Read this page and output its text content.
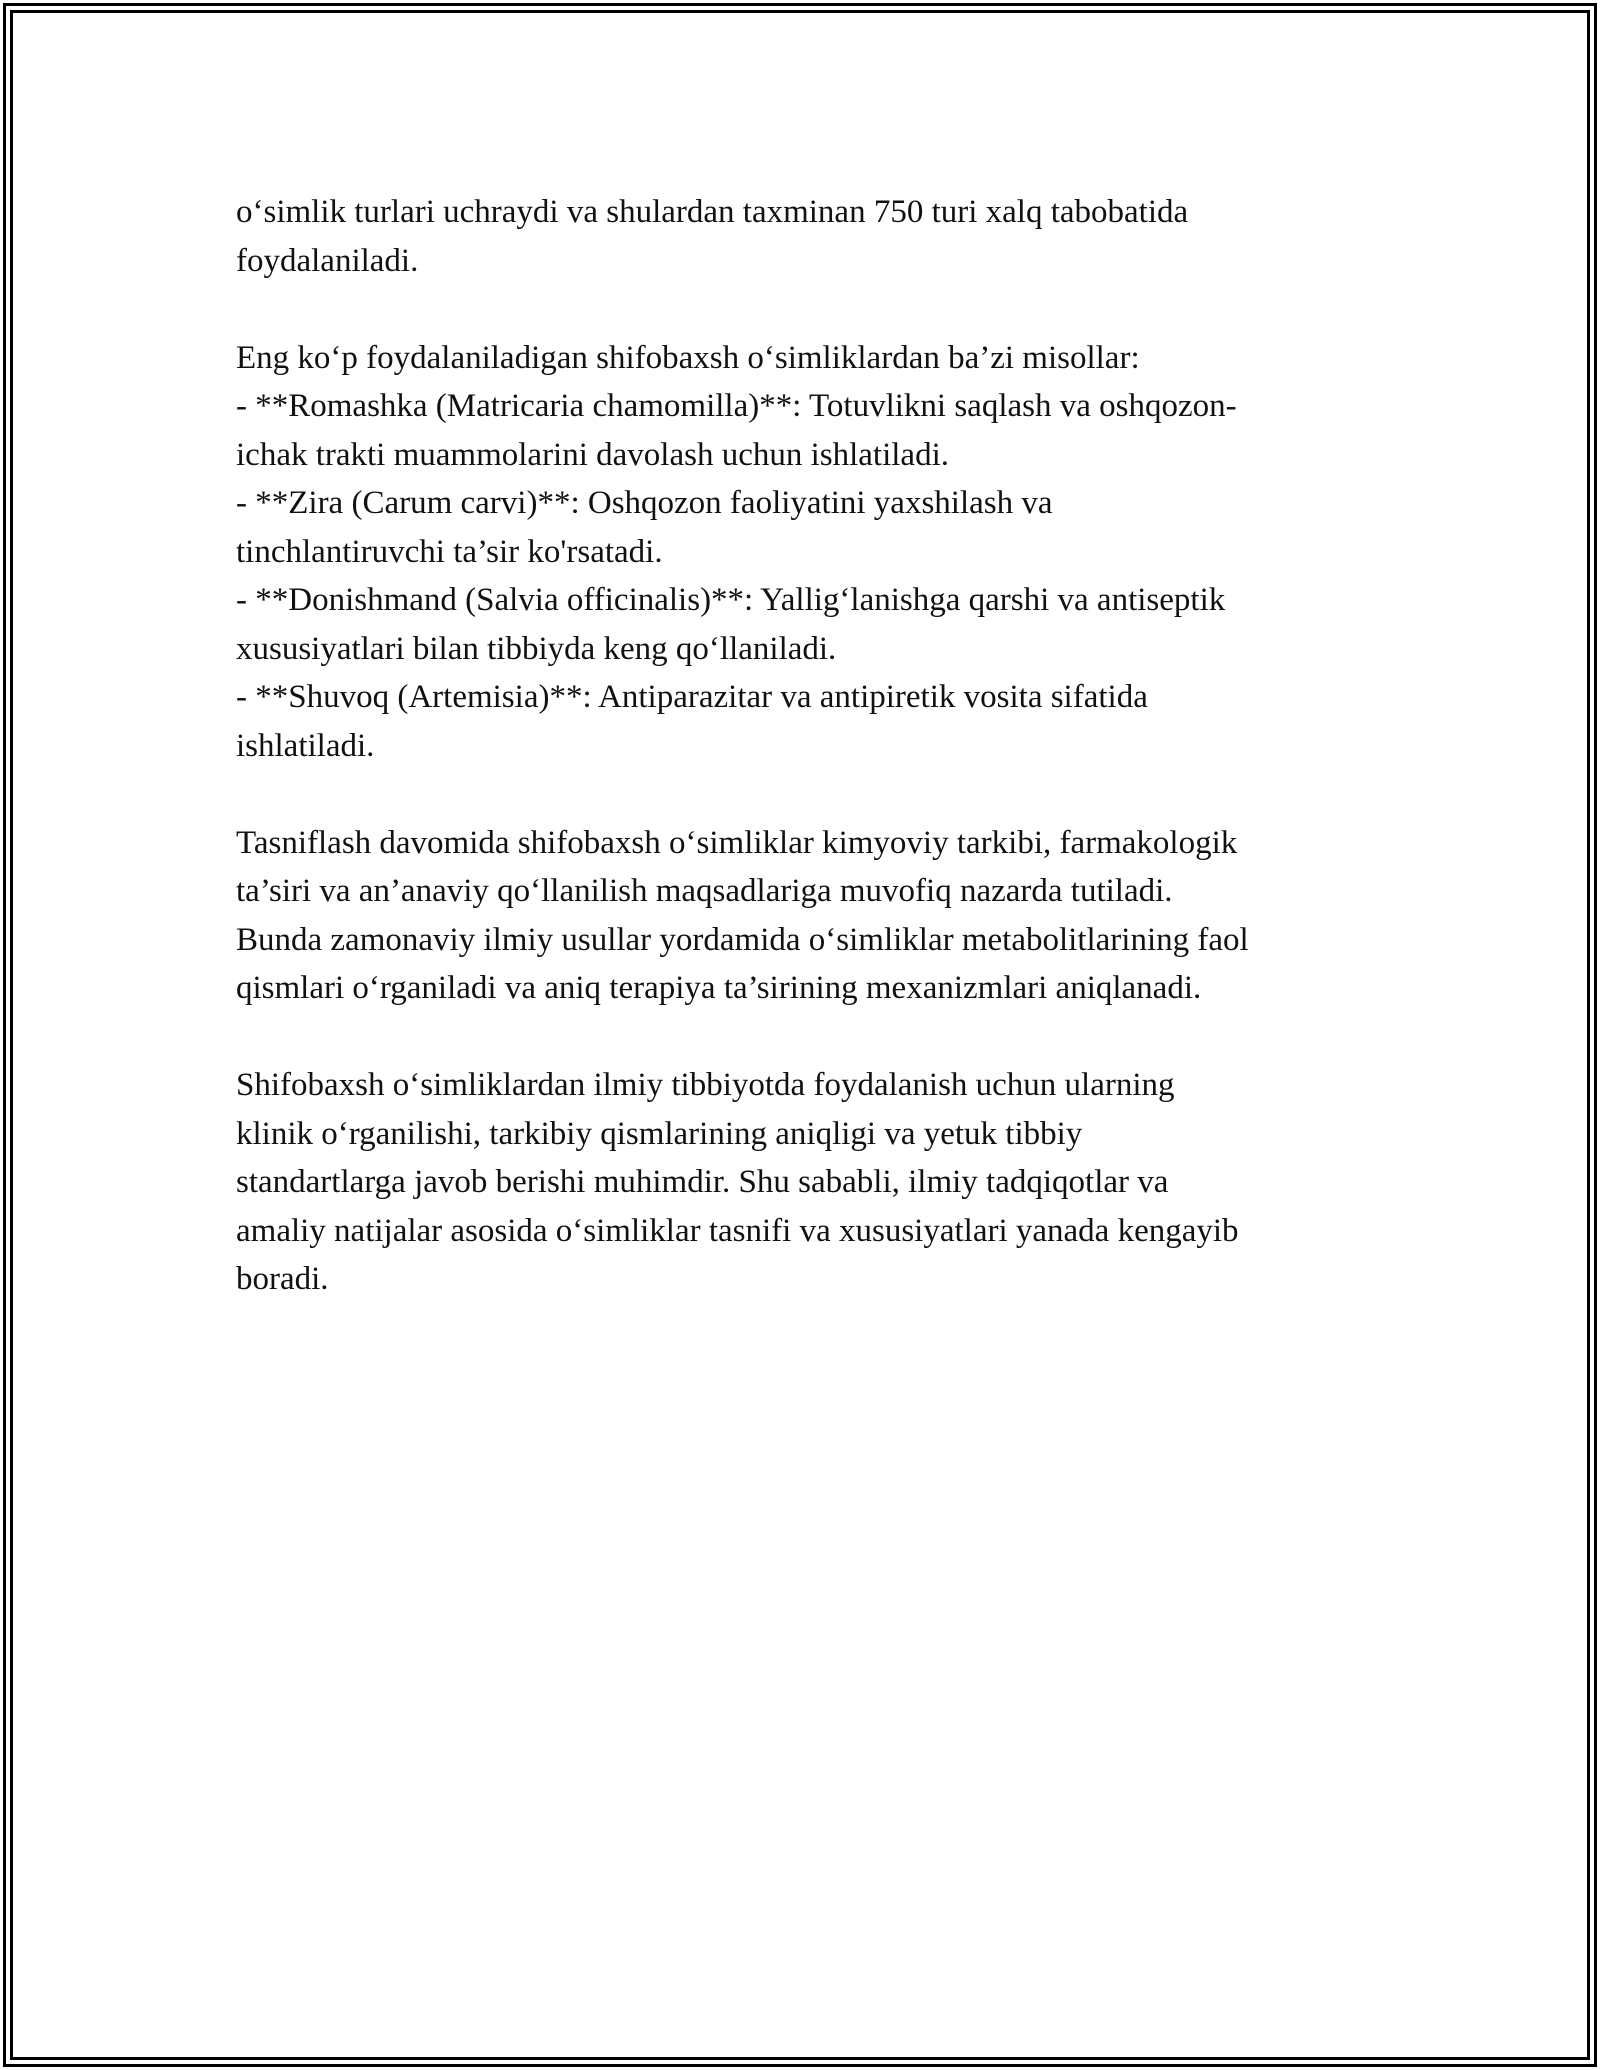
o‘simlik turlari uchraydi va shulardan taxminan 750 turi xalq tabobatida
foydalaniladi.

Eng ko‘p foydalaniladigan shifobaxsh o‘simliklardan ba’zi misollar:
- **Romashka (Matricaria chamomilla)**: Totuvlikni saqlash va oshqozon-
ichak trakti muammolarini davolash uchun ishlatiladi.
- **Zira (Carum carvi)**: Oshqozon faoliyatini yaxshilash va
tinchlantiruvchi ta’sir ko'rsatadi.
- **Donishmand (Salvia officinalis)**: Yallig‘lanishga qarshi va antiseptik
xususiyatlari bilan tibbiyda keng qo‘llaniladi.
- **Shuvoq (Artemisia)**: Antiparazitar va antipiretik vosita sifatida
ishlatiladi.

Tasniflash davomida shifobaxsh o‘simliklar kimyoviy tarkibi, farmakologik
ta’siri va an’anaviy qo‘llanilish maqsadlariga muvofiq nazarda tutiladi.
Bunda zamonaviy ilmiy usullar yordamida o‘simliklar metabolitlarining faol
qismlari o‘rganiladi va aniq terapiya ta’sirining mexanizmlari aniqlanadi.

Shifobaxsh o‘simliklardan ilmiy tibbiyotda foydalanish uchun ularning
klinik o‘rganilishi, tarkibiy qismlarining aniqligi va yetuk tibbiy
standartlarga javob berishi muhimdir. Shu sababli, ilmiy tadqiqotlar va
amaliy natijalar asosida o‘simliklar tasnifi va xususiyatlari yanada kengayib
boradi.
